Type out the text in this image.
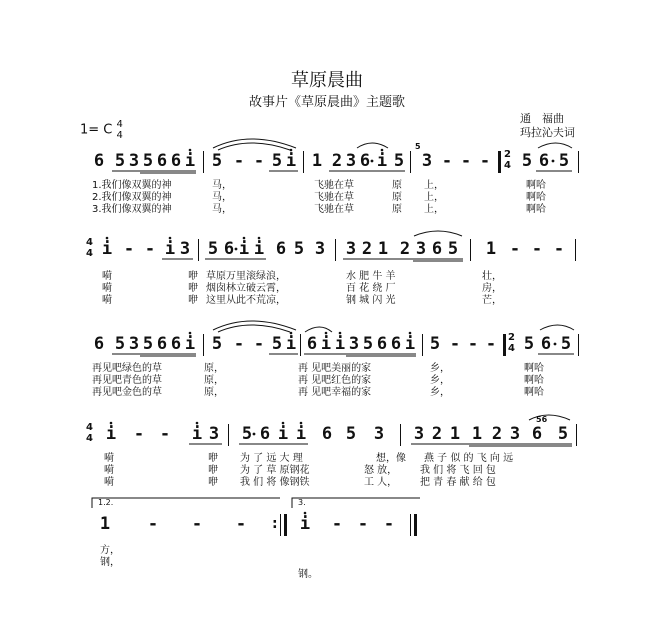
草原晨曲
故事片《草原晨曲》主题歌
通　福曲
玛拉沁夫词
1= C 4
4
6 5 3 5 6 6 i 5 - - 5 i 1 2 3 6 i 5
5
3 - - - 2
4 5 6 5
1.我们像双翼的神	马，	飞驰在草	原 上，	啊哈
2.我们像双翼的神	马，	飞驰在草	原 上，	啊哈
3.我们像双翼的神	马，	飞驰在草	原 上，	啊哈
4
4 i - - i 3 5 6 i i 6 5 3 3 2 1 2 3 6 5 1 - - -
嗬	咿 草原万里滚绿浪，	水 肥 牛 羊	壮，
嗬	咿 烟囱林立破云霄，	百 花 绕 厂	房，
嗬	咿 这里从此不荒凉，	钢 城 闪 光	芒，
6 5 3 5 6 6 i 5 - - 5 i 6 i i 3 5 6 6 i 5 - - - 2
4 5 6 5
再见吧绿色的草	原，	再 见吧美丽的家	乡，	啊哈
再见吧青色的草	原，	再 见吧红色的家	乡，	啊哈
再见吧金色的草	原，	再 见吧幸福的家	乡，	啊哈
4
4 i - - i 3 5 6 i i 6 5 3 3 2 1 1 2 3
56
6 5
嗬	咿 为 了 远 大 理	想，像 燕 子 似 的 飞 向 远
嗬	咿 为 了 草 原钢花	怒 放， 我 们 将 飞 回 包
嗬	咿 我 们 将 像钢铁	工 人， 把 青 春 献 给 包
1.2.	3.
1 - - - : i - - -
方，
钢，
钢。
